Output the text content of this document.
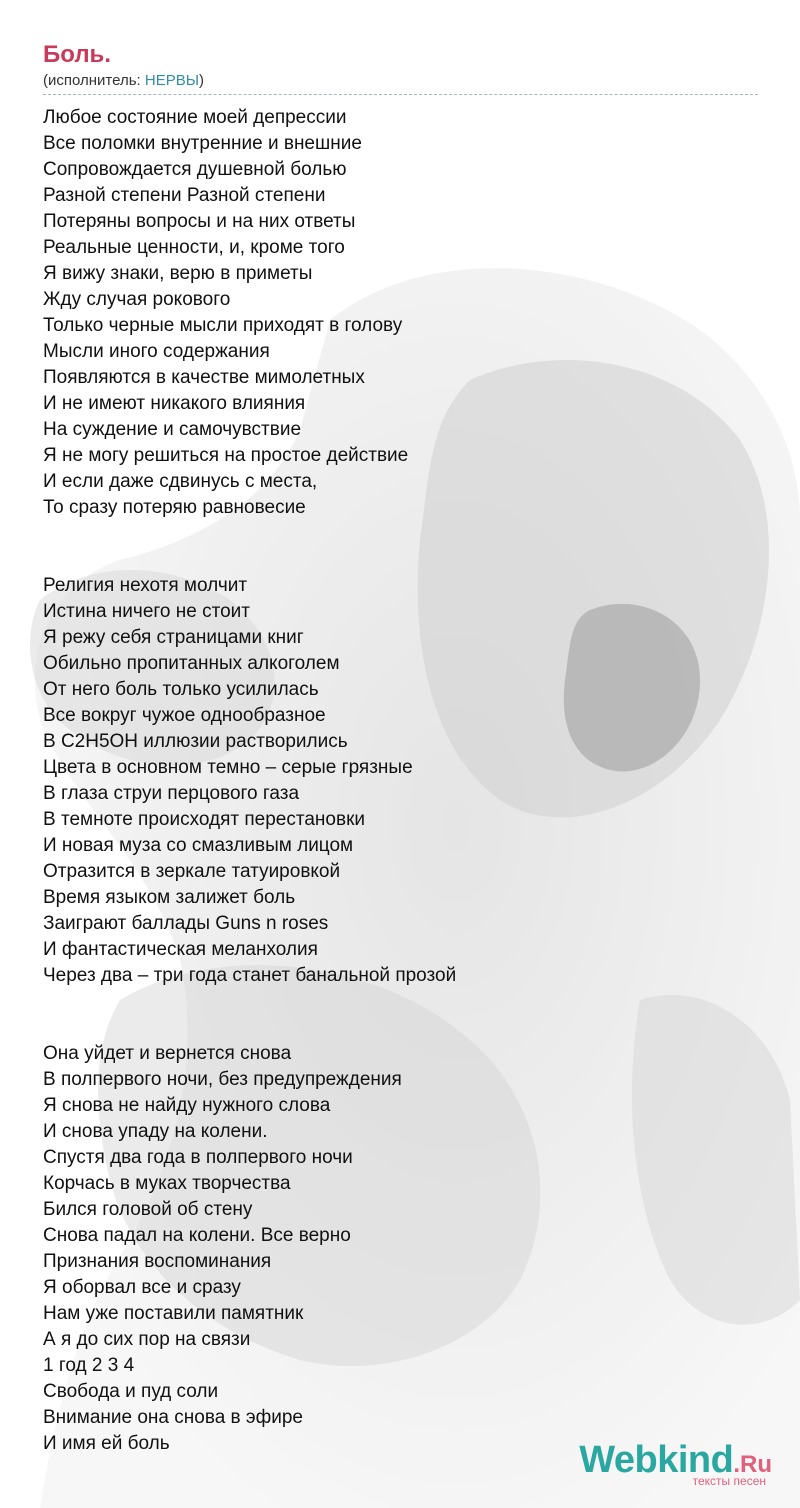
Боль.
(исполнитель: НЕРВЫ)
Любое состояние моей депрессии
Все поломки внутренние и внешние
Сопровождается душевной болью
Разной степени Разной степени
Потеряны вопросы и на них ответы
Реальные ценности, и, кроме того
Я вижу знаки, верю в приметы
Жду случая рокового
Только черные мысли приходят в голову
Мысли иного содержания
Появляются в качестве мимолетных
И не имеют никакого влияния
На суждение и самочувствие
Я не могу решиться на простое действие
И если даже сдвинусь с места,
То сразу потеряю равновесие
Религия нехотя молчит
Истина ничего не стоит
Я режу себя страницами книг
Обильно пропитанных алкоголем
От него боль только усилилась
Все вокруг чужое однообразное
В C2H5OH иллюзии растворились
Цвета в основном темно – серые грязные
В глаза струи перцового газа
В темноте происходят перестановки
И новая муза со смазливым лицом
Отразится в зеркале татуировкой
Время языком залижет боль
Заиграют баллады Guns n roses
И фантастическая меланхолия
Через два – три года станет банальной прозой
Она уйдет и вернется снова
В полпервого ночи, без предупреждения
Я снова не найду нужного слова
И снова упаду на колени.
Спустя два года в полпервого ночи
Корчась в муках творчества
Бился головой об стену
Снова падал на колени. Все верно
Признания воспоминания
Я оборвал все и сразу
Нам уже поставили памятник
А я до сих пор на связи
1 год 2 3 4
Свобода и пуд соли
Внимание она снова в эфире
И имя ей боль	Webkind.Ru
тексты песен
